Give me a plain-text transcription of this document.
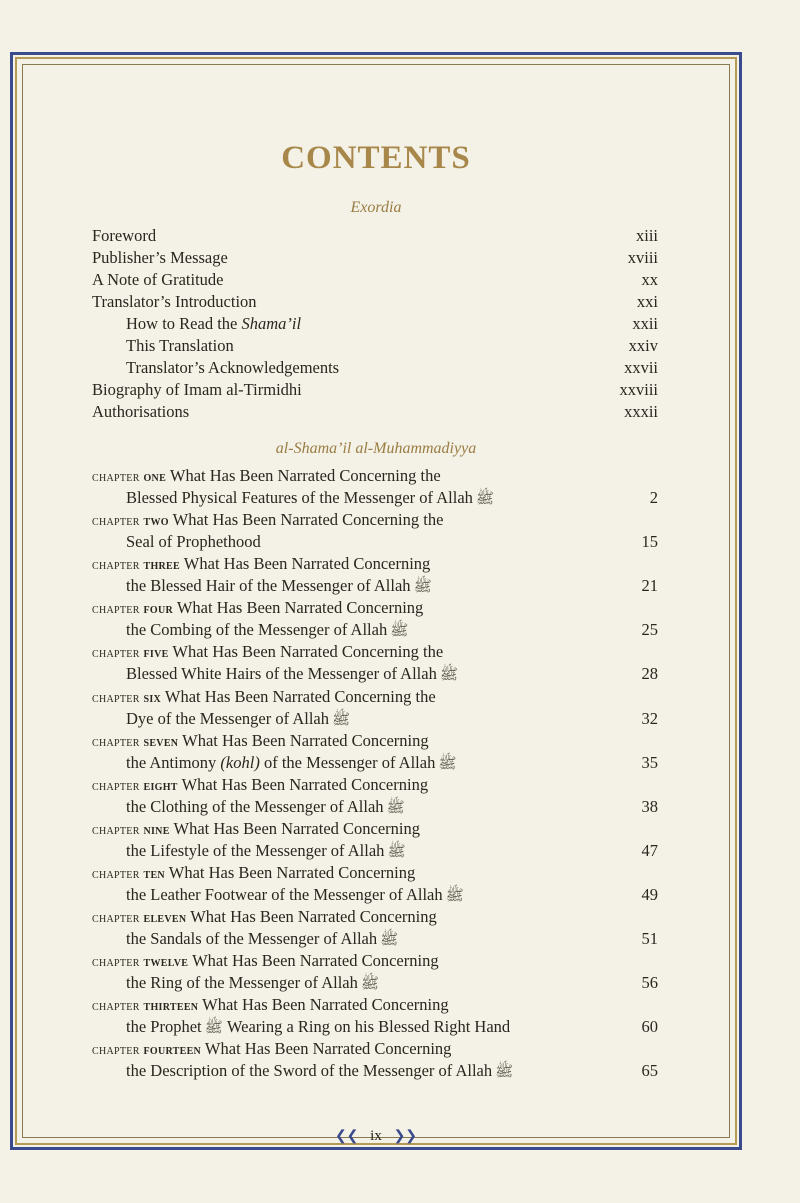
CONTENTS
Exordia
Foreword	xiii
Publisher’s Message	xviii
A Note of Gratitude	xx
Translator’s Introduction	xxi
How to Read the Shama’il	xxii
This Translation	xxiv
Translator’s Acknowledgements	xxvii
Biography of Imam al-Tirmidhi	xxviii
Authorisations	xxxii
al-Shama’il al-Muhammadiyya
chapter one What Has Been Narrated Concerning the
Blessed Physical Features of the Messenger of Allah ﷺ	2
chapter two What Has Been Narrated Concerning the
Seal of Prophethood	15
chapter three What Has Been Narrated Concerning
the Blessed Hair of the Messenger of Allah ﷺ	21
chapter four What Has Been Narrated Concerning
the Combing of the Messenger of Allah ﷺ	25
chapter five What Has Been Narrated Concerning the
Blessed White Hairs of the Messenger of Allah ﷺ	28
chapter six What Has Been Narrated Concerning the
Dye of the Messenger of Allah ﷺ	32
chapter seven What Has Been Narrated Concerning
the Antimony (kohl) of the Messenger of Allah ﷺ	35
chapter eight What Has Been Narrated Concerning
the Clothing of the Messenger of Allah ﷺ	38
chapter nine What Has Been Narrated Concerning
the Lifestyle of the Messenger of Allah ﷺ	47
chapter ten What Has Been Narrated Concerning
the Leather Footwear of the Messenger of Allah ﷺ	49
chapter eleven What Has Been Narrated Concerning
the Sandals of the Messenger of Allah ﷺ	51
chapter twelve What Has Been Narrated Concerning
the Ring of the Messenger of Allah ﷺ	56
chapter thirteen What Has Been Narrated Concerning
the Prophet ﷺ Wearing a Ring on his Blessed Right Hand	60
chapter fourteen What Has Been Narrated Concerning
the Description of the Sword of the Messenger of Allah ﷺ	65
❮❮ ix ❯❯
